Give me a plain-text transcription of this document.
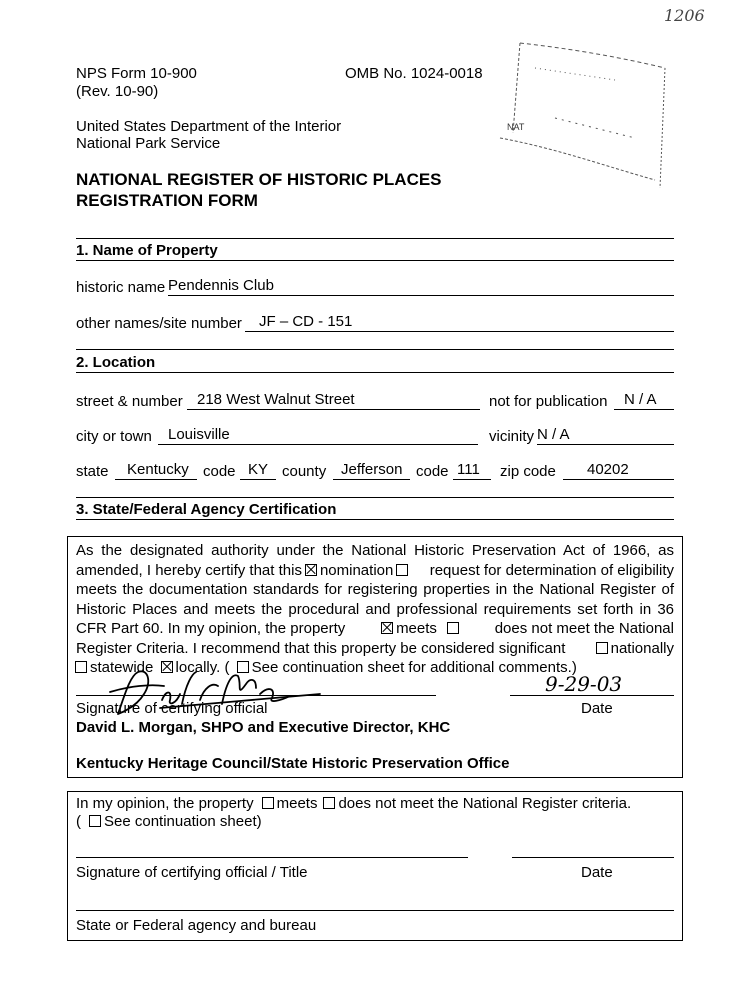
1206
NPS Form 10-900
(Rev. 10-90)
OMB No. 1024-0018
United States Department of the Interior
National Park Service
NATIONAL REGISTER OF HISTORIC PLACES
REGISTRATION FORM
NAT
1. Name of Property
historic name Pendennis Club
other names/site number	JF – CD - 151
2. Location
street & number 218 West Walnut Street	not for publication	N / A
city or town	Louisville	vicinity N / A
state	Kentucky code KY county Jefferson code 111	zip code	40202
3. State/Federal Agency Certification
As the designated authority under the National Historic Preservation Act of 1966, as
amended, I hereby certify that this nomination	request for determination of eligibility
meets the documentation standards for registering properties in the National Register of
Historic Places and meets the procedural and professional requirements set forth in 36
CFR Part 60. In my opinion, the property	meets	does not meet the National
Register Criteria. I recommend that this property be considered significant	nationally
statewide locally. ( See continuation sheet for additional comments.)
9-29-03
Signature of certifying official	Date
David L. Morgan, SHPO and Executive Director, KHC
Kentucky Heritage Council/State Historic Preservation Office
In my opinion, the property meets does not meet the National Register criteria.
( See continuation sheet)
Signature of certifying official / Title	Date
State or Federal agency and bureau
